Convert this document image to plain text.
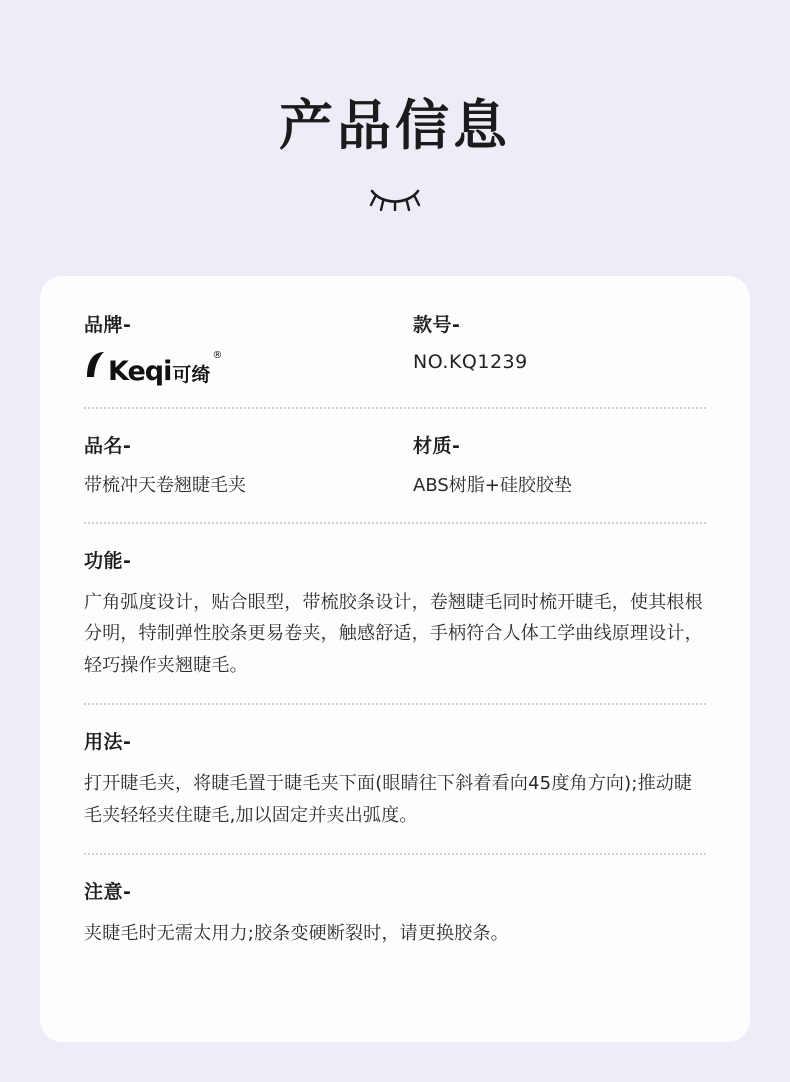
产品信息
品牌-
Keqi 可绮
®
款号-
NO.KQ1239
品名-
带梳冲天卷翘睫毛夹
材质-
ABS树脂+硅胶胶垫
功能-
广角弧度设计，贴合眼型，带梳胶条设计，卷翘睫毛同时梳开睫毛，使其根根分明，特制弹性胶条更易卷夹，触感舒适，手柄符合人体工学曲线原理设计，轻巧操作夹翘睫毛。
用法-
打开睫毛夹，将睫毛置于睫毛夹下面(眼睛往下斜着看向45度角方向);推动睫毛夹轻轻夹住睫毛,加以固定并夹出弧度。
注意-
夹睫毛时无需太用力;胶条变硬断裂时，请更换胶条。
